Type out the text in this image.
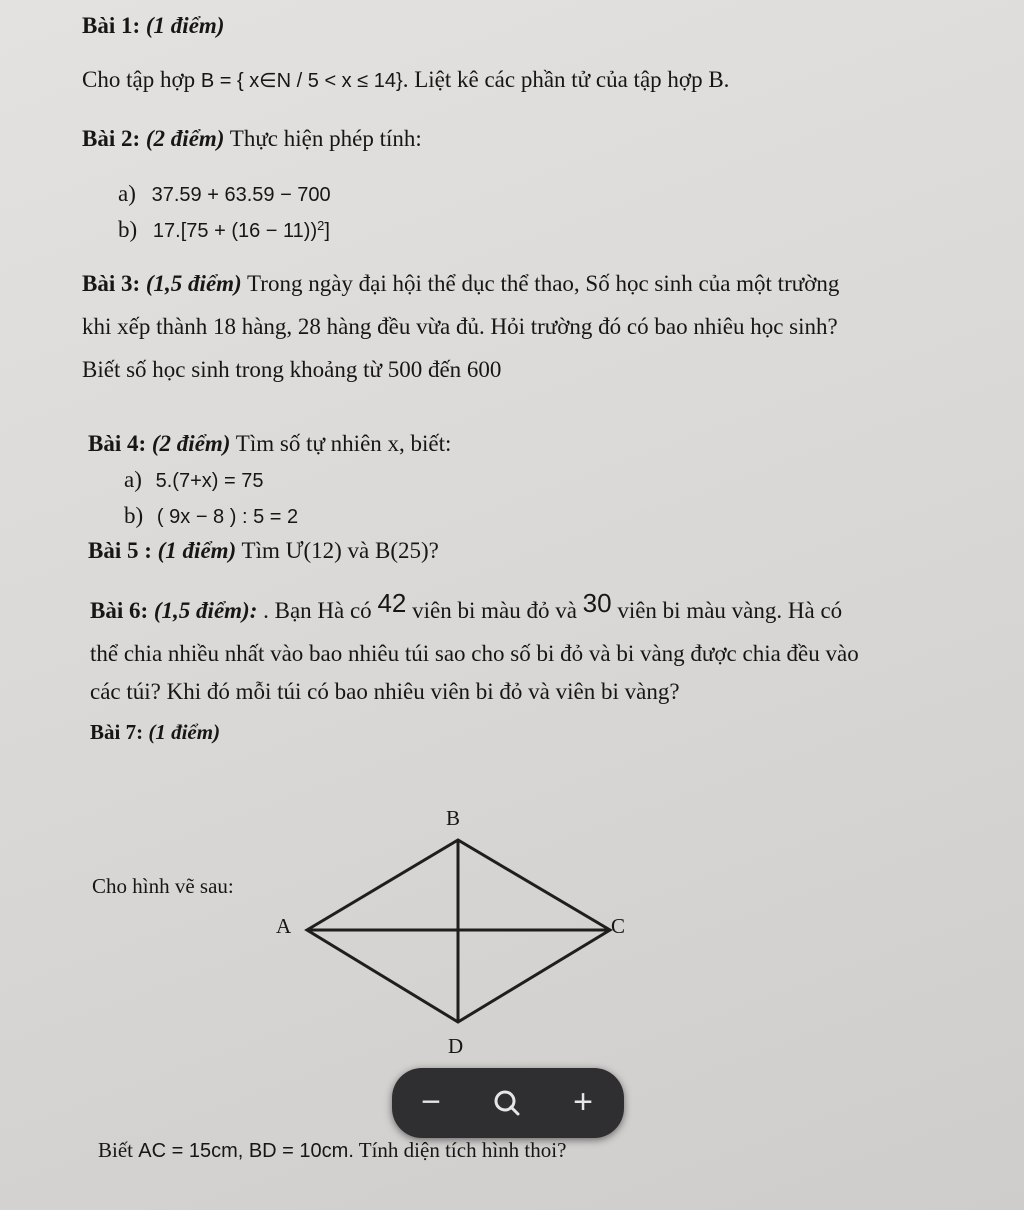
Bài 1: (1 điểm)
Cho tập hợp B = { x∈N / 5 < x ≤ 14}. Liệt kê các phần tử của tập hợp B.
Bài 2: (2 điểm) Thực hiện phép tính:
a) 37.59 + 63.59 − 700
b) 17.[75 + (16 − 11))$^2$]
Bài 3: (1,5 điểm) Trong ngày đại hội thể dục thể thao, Số học sinh của một trường
khi xếp thành 18 hàng, 28 hàng đều vừa đủ. Hỏi trường đó có bao nhiêu học sinh?
Biết số học sinh trong khoảng từ 500 đến 600
Bài 4: (2 điểm) Tìm số tự nhiên x, biết:
a) 5.(7+x) = 75
b) ( 9x − 8 ) : 5 = 2
Bài 5 : (1 điểm) Tìm Ư(12) và B(25)?
Bài 6: (1,5 điểm): . Bạn Hà có 42 viên bi màu đỏ và 30 viên bi màu vàng. Hà có
thể chia nhiều nhất vào bao nhiêu túi sao cho số bi đỏ và bi vàng được chia đều vào
các túi? Khi đó mỗi túi có bao nhiêu viên bi đỏ và viên bi vàng?
Bài 7: (1 điểm)
Cho hình vẽ sau:
B
A	C
D
Biết AC = 15cm, BD = 10cm. Tính diện tích hình thoi?
−	+
